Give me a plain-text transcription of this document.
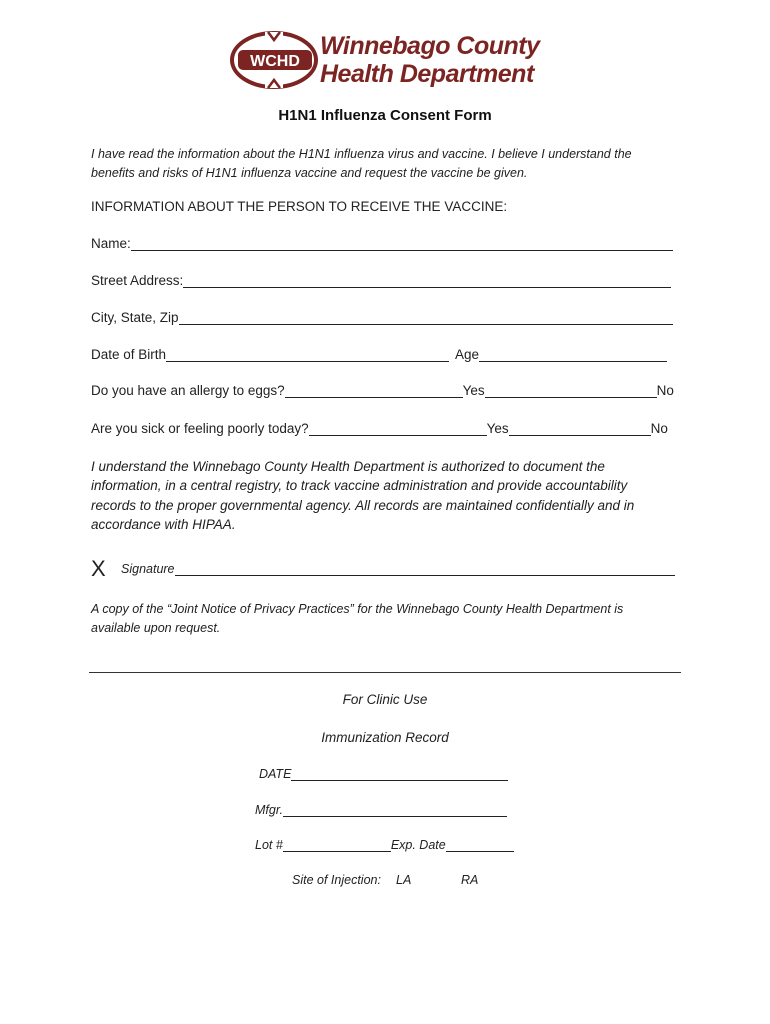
WCHD
Winnebago County
Health Department
H1N1 Influenza Consent Form
I have read the information about the H1N1 influenza virus and vaccine. I believe I understand the
benefits and risks of H1N1 influenza vaccine and request the vaccine be given.
INFORMATION ABOUT THE PERSON TO RECEIVE THE VACCINE:
Name:
Street Address:
City, State, Zip
Date of Birth	Age
Do you have an allergy to eggs?	Yes	No
Are you sick or feeling poorly today?	Yes	No
I understand the Winnebago County Health Department is authorized to document the
information, in a central registry, to track vaccine administration and provide accountability
records to the proper governmental agency. All records are maintained confidentially and in
accordance with HIPAA.
X Signature
A copy of the “Joint Notice of Privacy Practices” for the Winnebago County Health Department is
available upon request.
For Clinic Use
Immunization Record
DATE
Mfgr.
Lot #	Exp. Date
Site of Injection: LA	RA
